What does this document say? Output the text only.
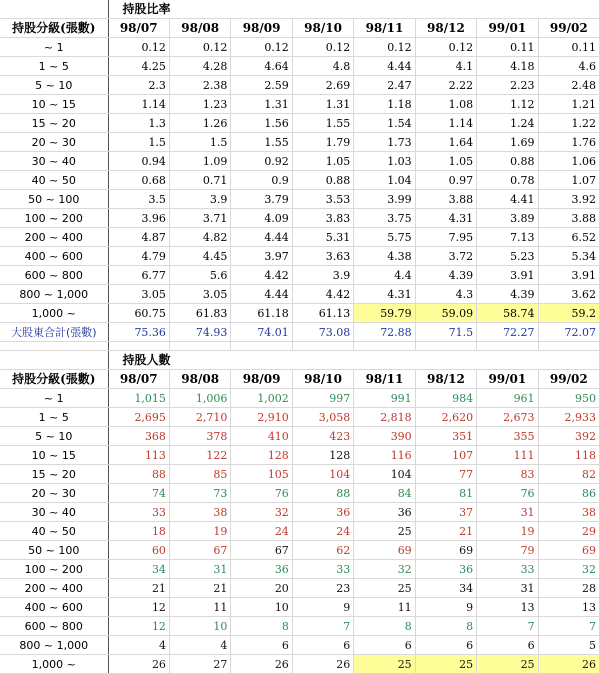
	持股比率							
持股分級(張數)	98/07	98/08	98/09	98/10	98/11	98/12	99/01	99/02
~ 1	0.12	0.12	0.12	0.12	0.12	0.12	0.11	0.11
1 ~ 5	4.25	4.28	4.64	4.8	4.44	4.1	4.18	4.6
5 ~ 10	2.3	2.38	2.59	2.69	2.47	2.22	2.23	2.48
10 ~ 15	1.14	1.23	1.31	1.31	1.18	1.08	1.12	1.21
15 ~ 20	1.3	1.26	1.56	1.55	1.54	1.14	1.24	1.22
20 ~ 30	1.5	1.5	1.55	1.79	1.73	1.64	1.69	1.76
30 ~ 40	0.94	1.09	0.92	1.05	1.03	1.05	0.88	1.06
40 ~ 50	0.68	0.71	0.9	0.88	1.04	0.97	0.78	1.07
50 ~ 100	3.5	3.9	3.79	3.53	3.99	3.88	4.41	3.92
100 ~ 200	3.96	3.71	4.09	3.83	3.75	4.31	3.89	3.88
200 ~ 400	4.87	4.82	4.44	5.31	5.75	7.95	7.13	6.52
400 ~ 600	4.79	4.45	3.97	3.63	4.38	3.72	5.23	5.34
600 ~ 800	6.77	5.6	4.42	3.9	4.4	4.39	3.91	3.91
800 ~ 1,000	3.05	3.05	4.44	4.42	4.31	4.3	4.39	3.62
1,000 ~	60.75	61.83	61.18	61.13	59.79	59.09	58.74	59.2
大股東合計(張數)	75.36	74.93	74.01	73.08	72.88	71.5	72.27	72.07

	持股人數							
持股分級(張數)	98/07	98/08	98/09	98/10	98/11	98/12	99/01	99/02
~ 1	1,015	1,006	1,002	997	991	984	961	950
1 ~ 5	2,695	2,710	2,910	3,058	2,818	2,620	2,673	2,933
5 ~ 10	368	378	410	423	390	351	355	392
10 ~ 15	113	122	128	128	116	107	111	118
15 ~ 20	88	85	105	104	104	77	83	82
20 ~ 30	74	73	76	88	84	81	76	86
30 ~ 40	33	38	32	36	36	37	31	38
40 ~ 50	18	19	24	24	25	21	19	29
50 ~ 100	60	67	67	62	69	69	79	69
100 ~ 200	34	31	36	33	32	36	33	32
200 ~ 400	21	21	20	23	25	34	31	28
400 ~ 600	12	11	10	9	11	9	13	13
600 ~ 800	12	10	8	7	8	8	7	7
800 ~ 1,000	4	4	6	6	6	6	6	5
1,000 ~	26	27	26	26	25	25	25	26
